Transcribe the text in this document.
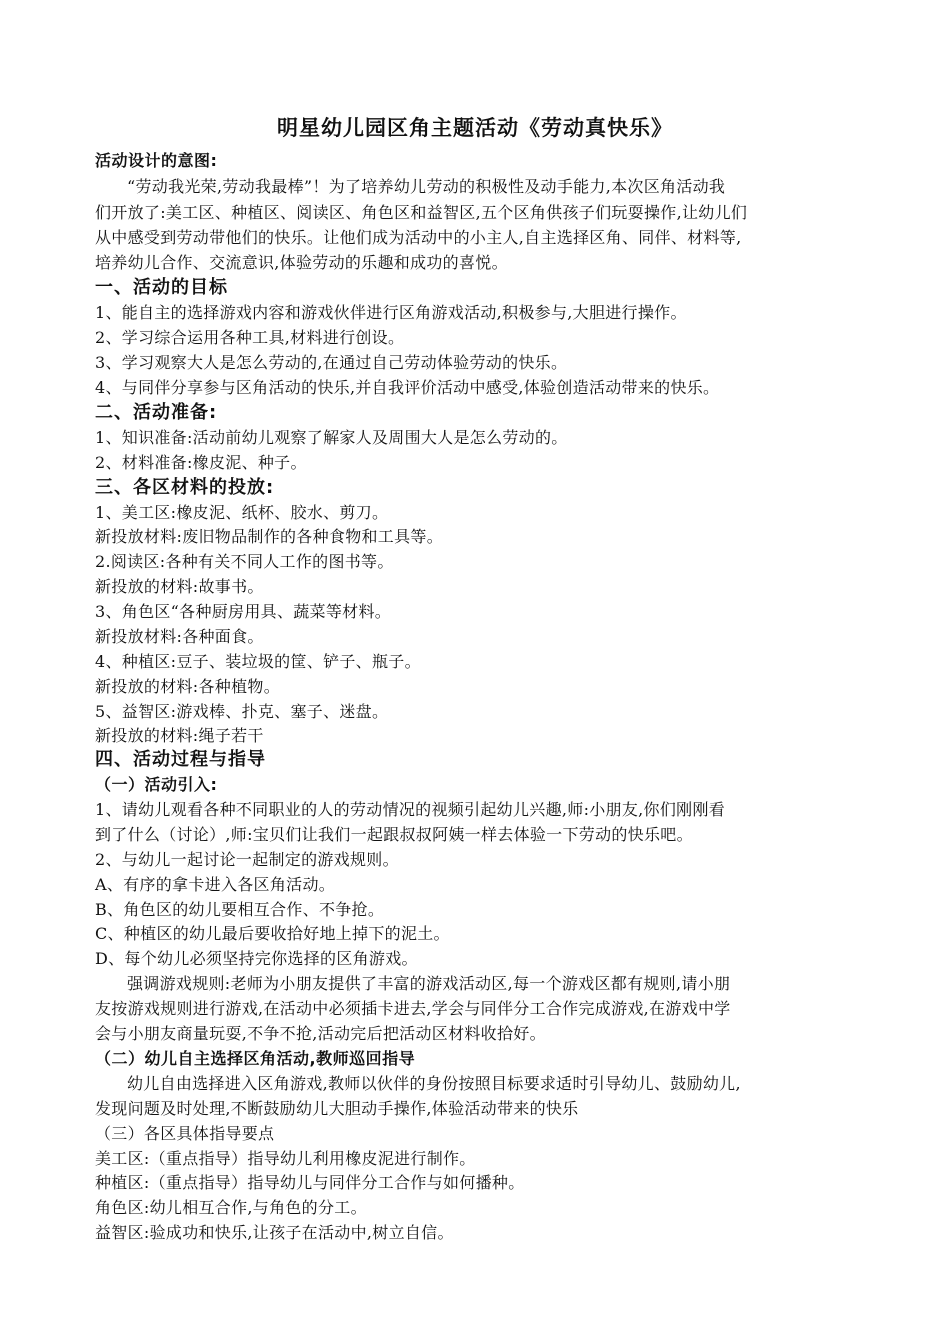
明星幼儿园区角主题活动《劳动真快乐》
活动设计的意图:
“劳动我光荣,劳动我最棒”！为了培养幼儿劳动的积极性及动手能力,本次区角活动我
们开放了:美工区、种植区、阅读区、角色区和益智区,五个区角供孩子们玩耍操作,让幼儿们
从中感受到劳动带他们的快乐。让他们成为活动中的小主人,自主选择区角、同伴、材料等,
培养幼儿合作、交流意识,体验劳动的乐趣和成功的喜悦。
一、活动的目标
1、能自主的选择游戏内容和游戏伙伴进行区角游戏活动,积极参与,大胆进行操作。
2、学习综合运用各种工具,材料进行创设。
3、学习观察大人是怎么劳动的,在通过自己劳动体验劳动的快乐。
4、与同伴分享参与区角活动的快乐,并自我评价活动中感受,体验创造活动带来的快乐。
二、活动准备:
1、知识准备:活动前幼儿观察了解家人及周围大人是怎么劳动的。
2、材料准备:橡皮泥、种子。
三、各区材料的投放:
1、美工区:橡皮泥、纸杯、胶水、剪刀。
新投放材料:废旧物品制作的各种食物和工具等。
2.阅读区:各种有关不同人工作的图书等。
新投放的材料:故事书。
3、角色区“各种厨房用具、蔬菜等材料。
新投放材料:各种面食。
4、种植区:豆子、装垃圾的筐、铲子、瓶子。
新投放的材料:各种植物。
5、益智区:游戏棒、扑克、塞子、迷盘。
新投放的材料:绳子若干
四、活动过程与指导
（一）活动引入:
1、请幼儿观看各种不同职业的人的劳动情况的视频引起幼儿兴趣,师:小朋友,你们刚刚看
到了什么（讨论）,师:宝贝们让我们一起跟叔叔阿姨一样去体验一下劳动的快乐吧。
2、与幼儿一起讨论一起制定的游戏规则。
A、有序的拿卡进入各区角活动。
B、角色区的幼儿要相互合作、不争抢。
C、种植区的幼儿最后要收拾好地上掉下的泥土。
D、每个幼儿必须坚持完你选择的区角游戏。
强调游戏规则:老师为小朋友提供了丰富的游戏活动区,每一个游戏区都有规则,请小朋
友按游戏规则进行游戏,在活动中必须插卡进去,学会与同伴分工合作完成游戏,在游戏中学
会与小朋友商量玩耍,不争不抢,活动完后把活动区材料收拾好。
（二）幼儿自主选择区角活动,教师巡回指导
幼儿自由选择进入区角游戏,教师以伙伴的身份按照目标要求适时引导幼儿、鼓励幼儿,
发现问题及时处理,不断鼓励幼儿大胆动手操作,体验活动带来的快乐
（三）各区具体指导要点
美工区:（重点指导）指导幼儿利用橡皮泥进行制作。
种植区:（重点指导）指导幼儿与同伴分工合作与如何播种。
角色区:幼儿相互合作,与角色的分工。
益智区:验成功和快乐,让孩子在活动中,树立自信。
